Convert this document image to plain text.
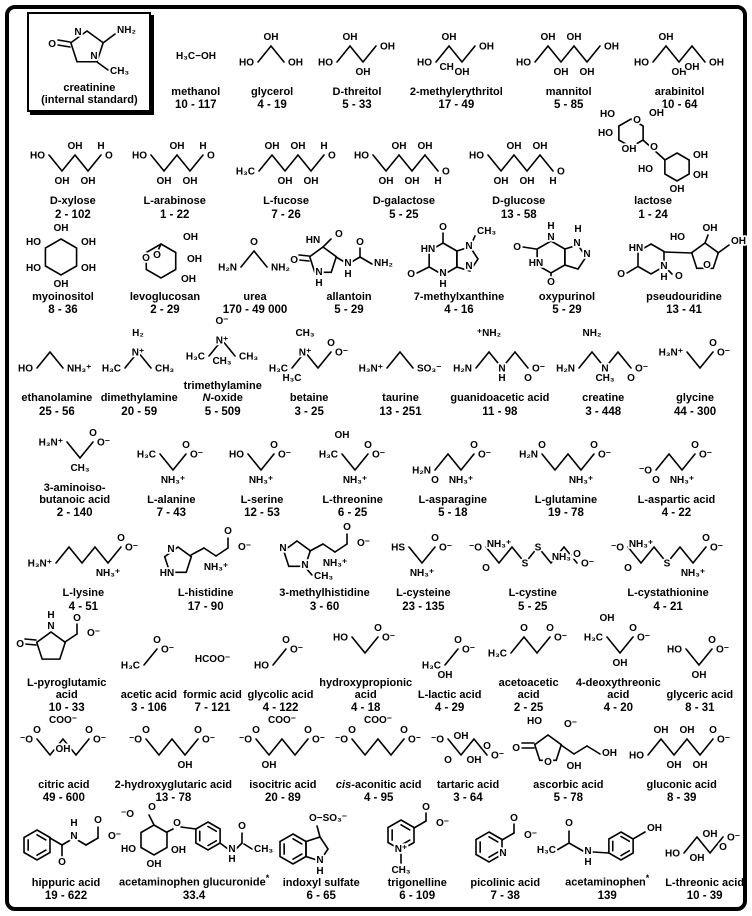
O
NH₂
CH₃
N
N
creatinine
(internal standard)
H₃C−OH
methanol
10 - 117
HO
OH
OH
glycerol
4 - 19
HO
OH
OH
OH
D-threitol
5 - 33
HO
OH
CH₃
OH
OH
2-methylerythritol
17 - 49
HO
OH
OH
OH
OH
OH
mannitol
5 - 85
HO
OH
OH
OH OH
arabinitol
10 - 64
HO
OH
OH
OH
H
O
D-xylose
2 - 102
HO
OH
OH
OH
H
O
L-arabinose
1 - 22
H₃C
OH
OH
OH
OH
H
O
L-fucose
7 - 26
HO
OH
OH
OH
OH
H
O
D-galactose
5 - 25
HO
OH
OH
OH
OH
H
O
D-glucose
13 - 58
HO
O
OH
HO
OH O
OH
HO
OH
OH
lactose
1 - 24
OH
HO	OH
HO	OH
OH
myoinositol
8 - 36
O O
OH
OH
OH
levoglucosan
2 - 29
H₂N
O
NH₂
urea
170 - 49 000
O
HN
O
N
H
N
H
O
NH₂
allantoin
5 - 29
O
HN
O N
H
N
N
CH₃
7-methylxanthine
4 - 16
O
H
N
HN
O
H
N
N
oxypurinol
5 - 29
HN
O
N
H O
HO
OH
O
OH
pseudouridine
13 - 41
HO	NH₃⁺
ethanolamine
25 - 56
H₃C
N⁺
H₂
CH₃
dimethylamine
20 - 59
H₃C
N⁺
O⁻
CH₃ CH₃
trimethylamine
N-oxide
5 - 509
H₃C
H₃C
N⁺
CH₃
O
O⁻
betaine
3 - 25
H₃N⁺	SO₃⁻
taurine
13 - 251
H₂N
⁺NH₂
N
H O
O⁻
guanidoacetic acid
11 - 98
H₂N
NH₂
N
CH₃ O
O⁻
creatine
3 - 448
H₃N⁺
O
O⁻
glycine
44 - 300
H₃N⁺
CH₃
O
O⁻
3-aminoiso-
butanoic acid
2 - 140
H₃C
NH₃⁺
O
O⁻
L-alanine
7 - 43
HO
NH₃⁺
O
O⁻
L-serine
12 - 53
H₃C
OH
NH₃⁺
O
O⁻
L-threonine
6 - 25
H₂N
O NH₃⁺
O
O⁻
L-asparagine
5 - 18
H₂N
O
NH₃⁺
O
O⁻
L-glutamine
19 - 78
⁻O
O NH₃⁺
O
O⁻
L-aspartic acid
4 - 22
H₃N⁺
NH₃⁺
O
O⁻
L-lysine
4 - 51
N
HN
NH₃⁺
O
O⁻
L-histidine
17 - 90
N
N
CH₃
NH₃⁺
O
O⁻
3-methylhistidine
3 - 60
HS
NH₃⁺
O
O⁻
L-cysteine
23 - 135
⁻O
O
NH₃⁺
S
S
NH₃⁺
O
O⁻
L-cystine
5 - 25
⁻O
O
NH₃⁺
S
NH₃⁺
O
O⁻
L-cystathionine
4 - 21
O
H
N
O
O⁻
L-pyroglutamic
acid
10 - 33
H₃C
O
O⁻
acetic acid
3 - 106
HCOO⁻
formic acid
7 - 121
HO
O
O⁻
glycolic acid
4 - 122
HO
O
O⁻
hydroxypropionic
acid
4 - 18
H₃C
OH
O
O⁻
L-lactic acid
4 - 29
H₃C
O O
O⁻
acetoacetic
acid
2 - 25
H₃C
OH
OH
O
O⁻
4-deoxythreonic
acid
4 - 20
HO
OH
O
O⁻
glyceric acid
8 - 31
⁻O
O
COO⁻
OH
O
O⁻
citric acid
49 - 600
⁻O
O
OH
O
O⁻
2-hydroxyglutaric acid
13 - 78
⁻O
O
OH
COO⁻
O
O⁻
isocitric acid
20 - 89
⁻O
O
COO⁻
O
O⁻
cis-aconitic acid
4 - 95
⁻O
O
OH
OH
O
O⁻
tartaric acid
3 - 64
O
HO O⁻
O OH
OH
ascorbic acid
5 - 78
HO
OH
OH
OH
OH
O
O⁻
gluconic acid
8 - 39
O
N
H O
O⁻
hippuric acid
19 - 622
O
⁻O
O
HO	OH
OH
N
H
O
CH₃
acetaminophen glucuronide*
33.4
O−SO₃⁻
N
H
indoxyl sulfate
6 - 65
N⁺
CH₃
O
O⁻
trigonelline
6 - 109
N
O
O⁻
picolinic acid
7 - 38
H₃C
O
N
H
OH
acetaminophen*
139
HO OH
OH
O
O⁻
L-threonic acid
10 - 39
